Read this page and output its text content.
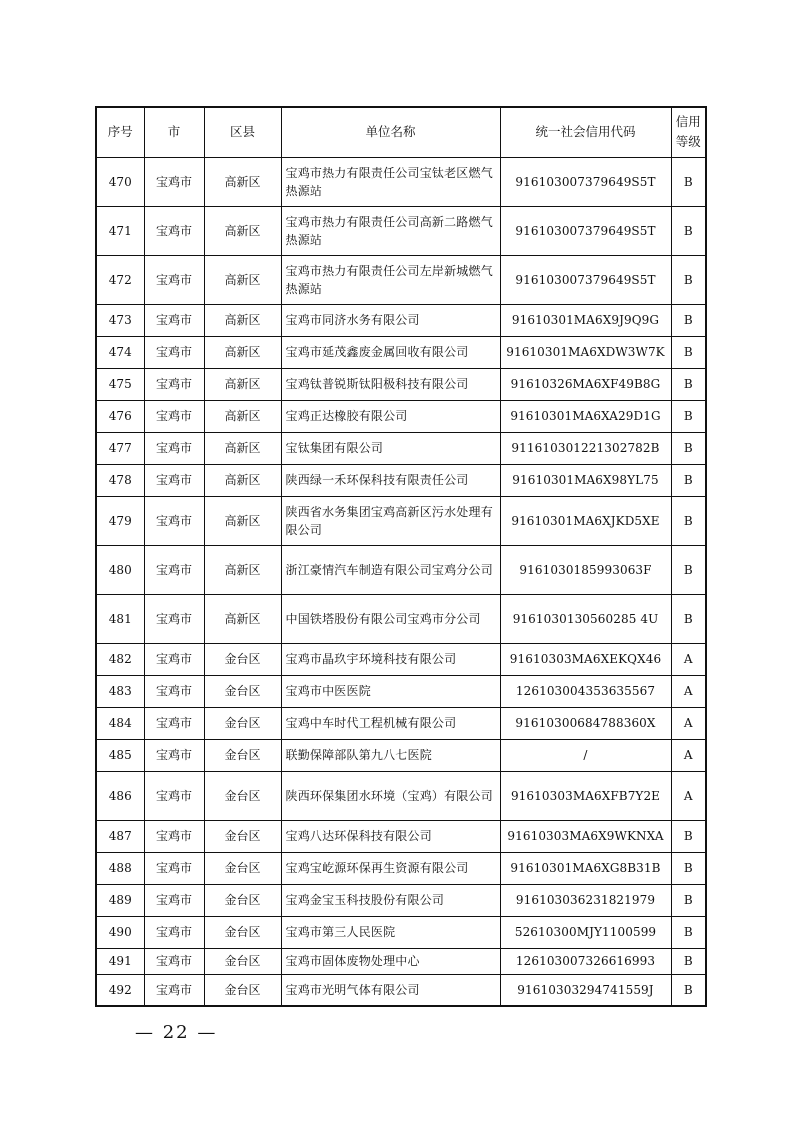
序号	市	区县	单位名称	统一社会信用代码	信用等级
470	宝鸡市	高新区	宝鸡市热力有限责任公司宝钛老区燃气热源站	916103007379649S5T	B
471	宝鸡市	高新区	宝鸡市热力有限责任公司高新二路燃气热源站	916103007379649S5T	B
472	宝鸡市	高新区	宝鸡市热力有限责任公司左岸新城燃气热源站	916103007379649S5T	B
473	宝鸡市	高新区	宝鸡市同济水务有限公司	91610301MA6X9J9Q9G	B
474	宝鸡市	高新区	宝鸡市延茂鑫废金属回收有限公司	91610301MA6XDW3W7K	B
475	宝鸡市	高新区	宝鸡钛普锐斯钛阳极科技有限公司	91610326MA6XF49B8G	B
476	宝鸡市	高新区	宝鸡正达橡胶有限公司	91610301MA6XA29D1G	B
477	宝鸡市	高新区	宝钛集团有限公司	911610301221302782B	B
478	宝鸡市	高新区	陕西绿一禾环保科技有限责任公司	91610301MA6X98YL75	B
479	宝鸡市	高新区	陕西省水务集团宝鸡高新区污水处理有限公司	91610301MA6XJKD5XE	B
480	宝鸡市	高新区	浙江豪情汽车制造有限公司宝鸡分公司	9161030185993063F	B
481	宝鸡市	高新区	中国铁塔股份有限公司宝鸡市分公司	9161030130560285 4U	B
482	宝鸡市	金台区	宝鸡市晶玖宇环境科技有限公司	91610303MA6XEKQX46	A
483	宝鸡市	金台区	宝鸡市中医医院	126103004353635567	A
484	宝鸡市	金台区	宝鸡中车时代工程机械有限公司	91610300684788360X	A
485	宝鸡市	金台区	联勤保障部队第九八七医院	/	A
486	宝鸡市	金台区	陕西环保集团水环境（宝鸡）有限公司	91610303MA6XFB7Y2E	A
487	宝鸡市	金台区	宝鸡八达环保科技有限公司	91610303MA6X9WKNXA	B
488	宝鸡市	金台区	宝鸡宝屹源环保再生资源有限公司	91610301MA6XG8B31B	B
489	宝鸡市	金台区	宝鸡金宝玉科技股份有限公司	916103036231821979	B
490	宝鸡市	金台区	宝鸡市第三人民医院	52610300MJY1100599	B
491	宝鸡市	金台区	宝鸡市固体废物处理中心	126103007326616993	B
492	宝鸡市	金台区	宝鸡市光明气体有限公司	91610303294741559J	B
— 22 —
